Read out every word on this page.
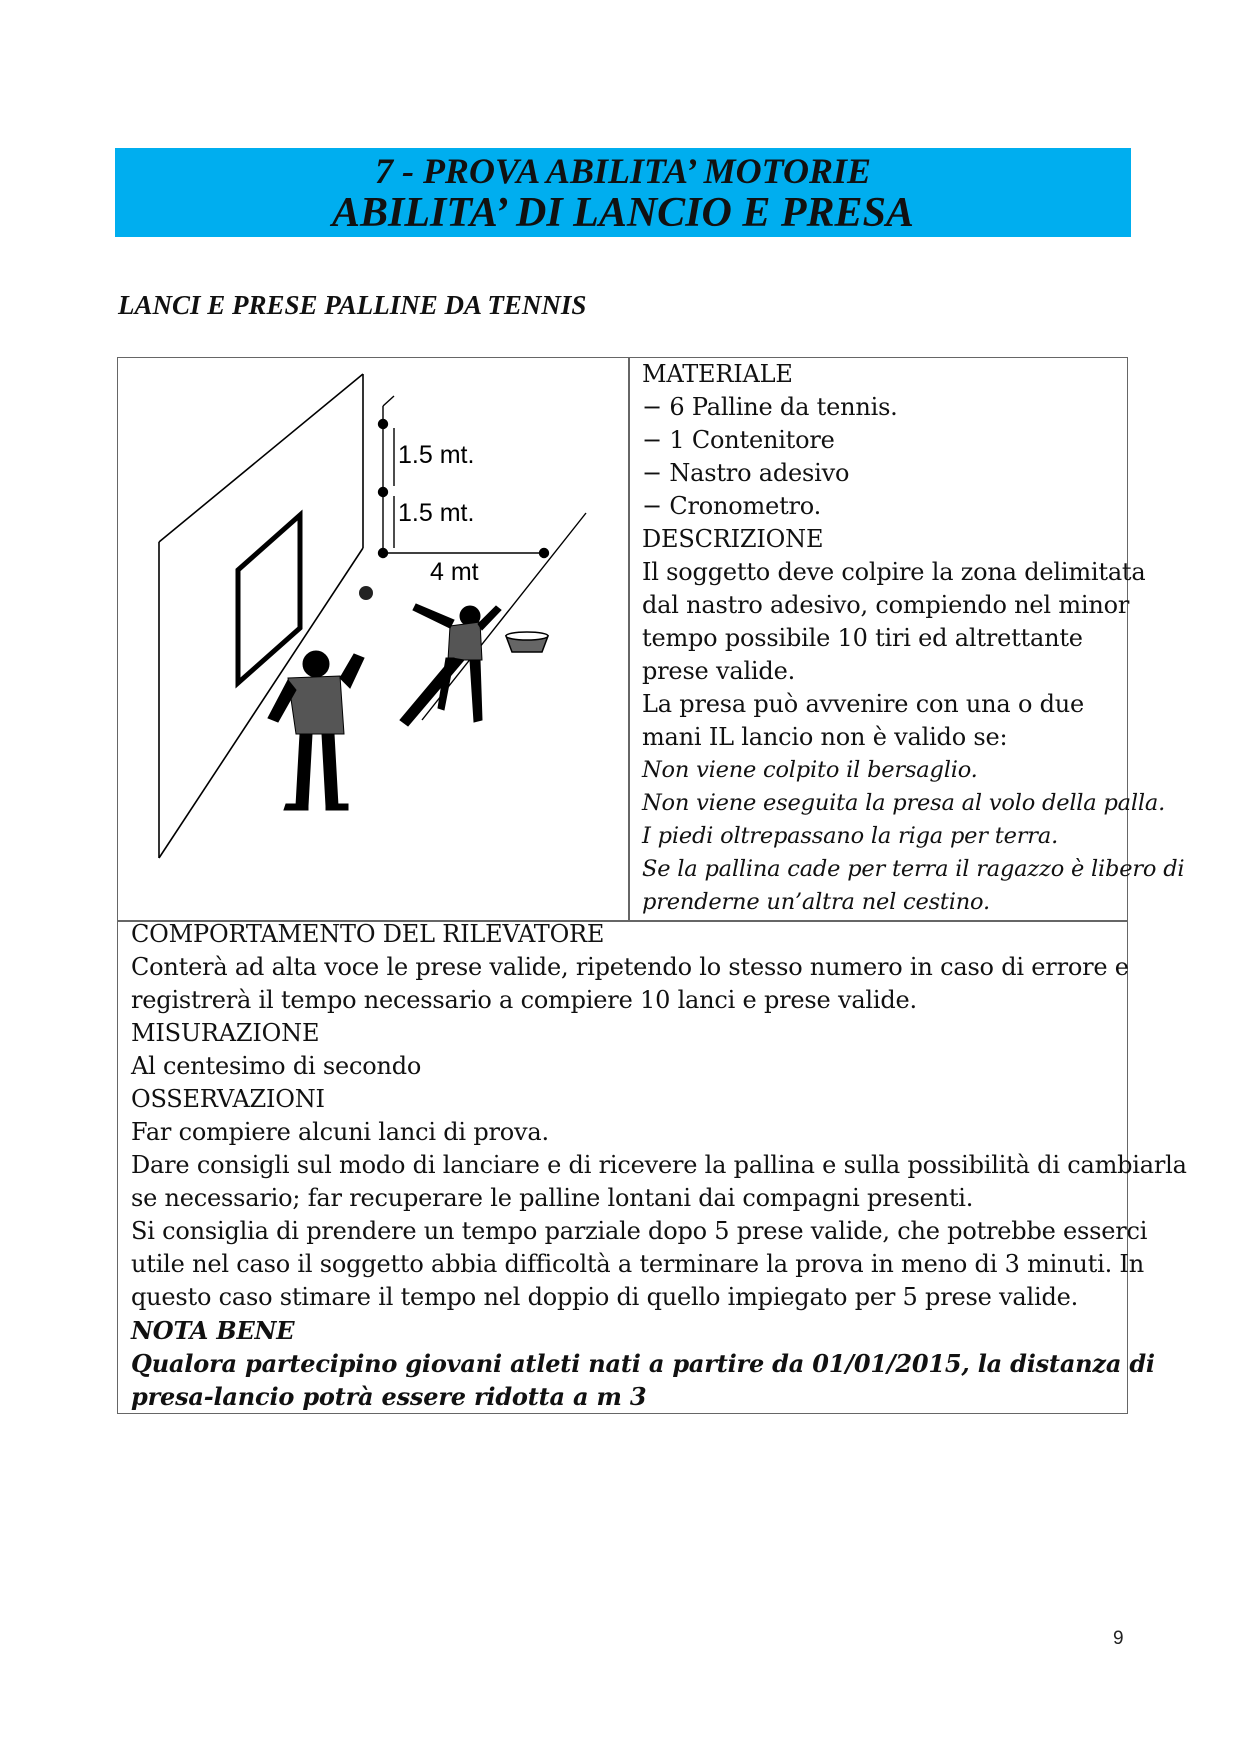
7 - PROVA ABILITA’ MOTORIE
ABILITA’ DI LANCIO E PRESA
LANCI E PRESE PALLINE DA TENNIS
1.5 mt.
1.5 mt.
4 mt
MATERIALE
− 6 Palline da tennis.
− 1 Contenitore
− Nastro adesivo
− Cronometro.
DESCRIZIONE
Il soggetto deve colpire la zona delimitata
dal nastro adesivo, compiendo nel minor
tempo possibile 10 tiri ed altrettante
prese valide.
La presa può avvenire con una o due
mani IL lancio non è valido se:
Non viene colpito il bersaglio.
Non viene eseguita la presa al volo della palla.
I piedi oltrepassano la riga per terra.
Se la pallina cade per terra il ragazzo è libero di
prenderne un’altra nel cestino.
COMPORTAMENTO DEL RILEVATORE
Conterà ad alta voce le prese valide, ripetendo lo stesso numero in caso di errore e
registrerà il tempo necessario a compiere 10 lanci e prese valide.
MISURAZIONE
Al centesimo di secondo
OSSERVAZIONI
Far compiere alcuni lanci di prova.
Dare consigli sul modo di lanciare e di ricevere la pallina e sulla possibilità di cambiarla
se necessario; far recuperare le palline lontani dai compagni presenti.
Si consiglia di prendere un tempo parziale dopo 5 prese valide, che potrebbe esserci
utile nel caso il soggetto abbia difficoltà a terminare la prova in meno di 3 minuti. In
questo caso stimare il tempo nel doppio di quello impiegato per 5 prese valide.
NOTA BENE
Qualora partecipino giovani atleti nati a partire da 01/01/2015, la distanza di
presa-lancio potrà essere ridotta a m 3
9
